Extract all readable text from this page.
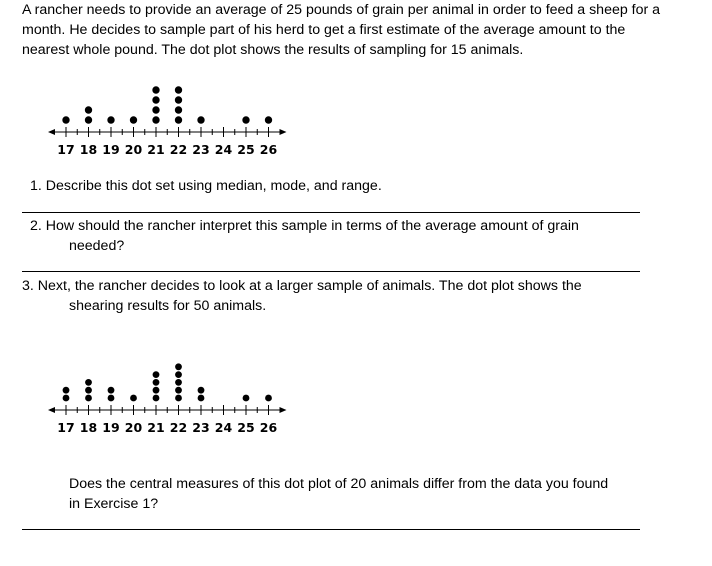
A rancher needs to provide an average of 25 pounds of grain per animal in order to feed a sheep for a month. He decides to sample part of his herd to get a first estimate of the average amount to the nearest whole pound. The dot plot shows the results of sampling for 15 animals.
17 18 19 20 21 22 23 24 25 26
1. Describe this dot set using median, mode, and range.
2. How should the rancher interpret this sample in terms of the average amount of grain
needed?
3. Next, the rancher decides to look at a larger sample of animals. The dot plot shows the
shearing results for 50 animals.
17 18 19 20 21 22 23 24 25 26
Does the central measures of this dot plot of 20 animals differ from the data you found
in Exercise 1?
